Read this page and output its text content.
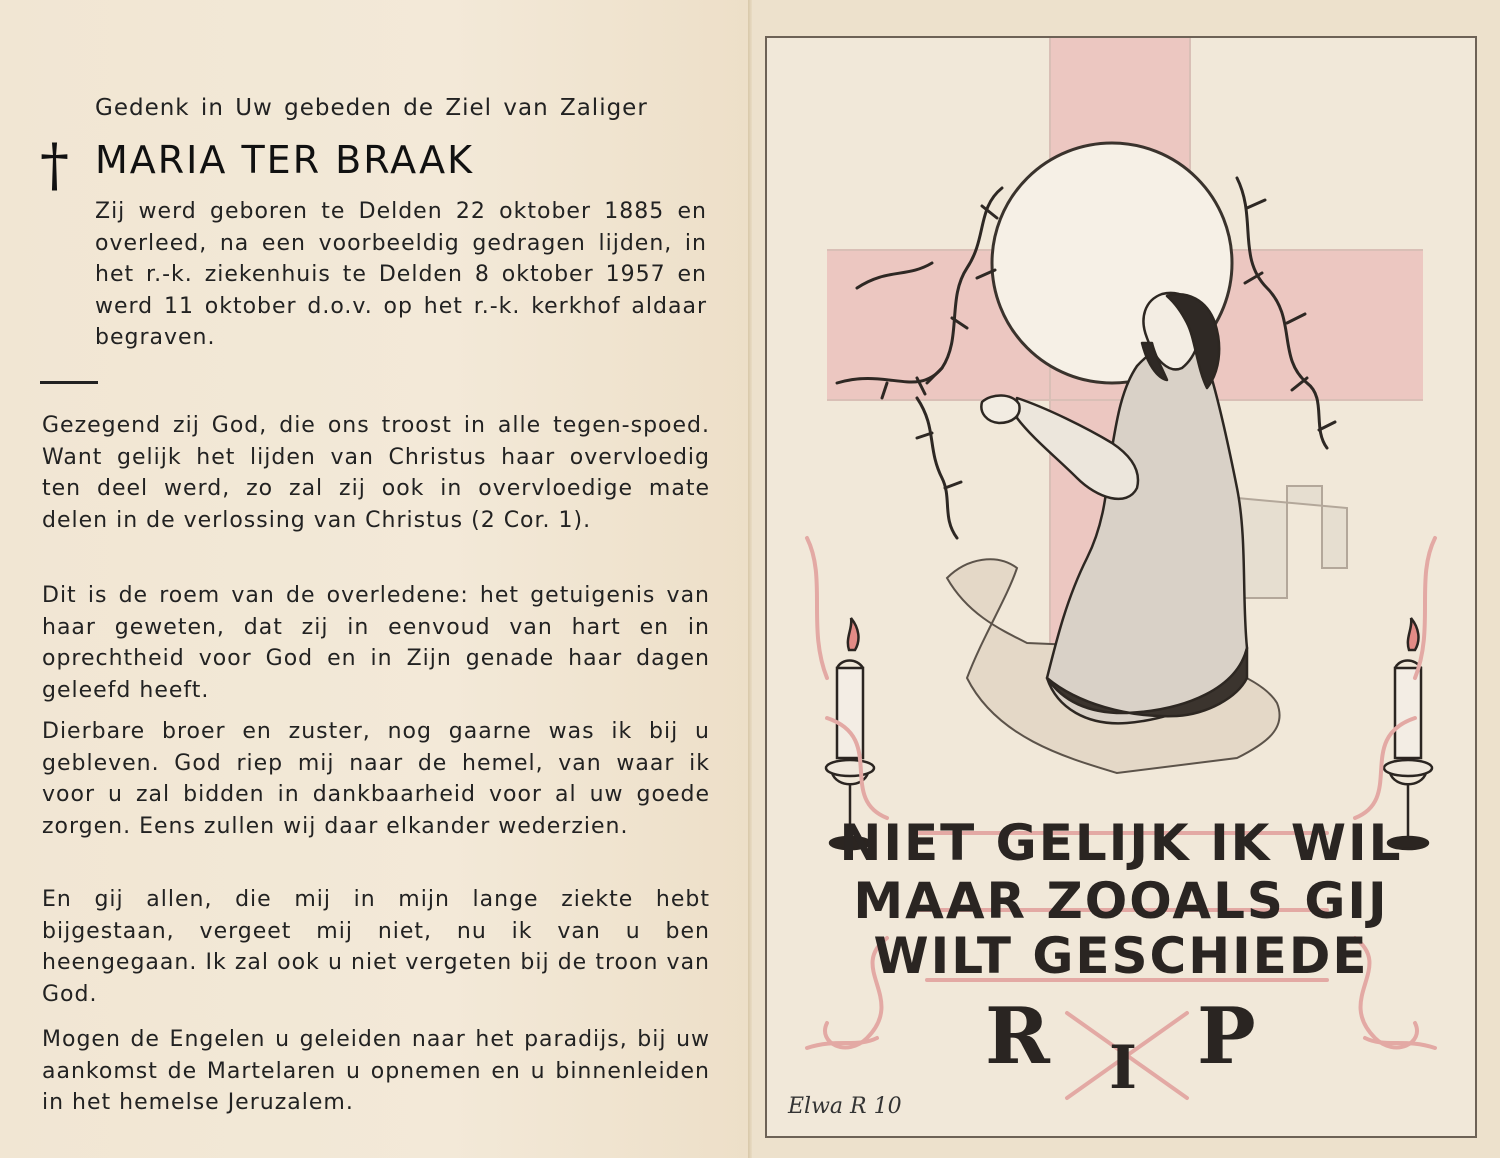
Gedenk in Uw gebeden de Ziel van Zaliger
† MARIA TER BRAAK

Zij werd geboren te Delden 22 oktober 1885 en overleed, na een voorbeeldig gedragen lijden, in het r.-k. ziekenhuis te Delden 8 oktober 1957 en werd 11 oktober d.o.v. op het r.-k. kerkhof aldaar begraven.

Gezegend zij God, die ons troost in alle tegen-spoed. Want gelijk het lijden van Christus haar overvloedig ten deel werd, zo zal zij ook in overvloedige mate delen in de verlossing van Christus (2 Cor. 1).

Dit is de roem van de overledene: het getuigenis van haar geweten, dat zij in eenvoud van hart en in oprechtheid voor God en in Zijn genade haar dagen geleefd heeft.

Dierbare broer en zuster, nog gaarne was ik bij u gebleven. God riep mij naar de hemel, van waar ik voor u zal bidden in dankbaarheid voor al uw goede zorgen. Eens zullen wij daar elkander wederzien.

En gij allen, die mij in mijn lange ziekte hebt bijgestaan, vergeet mij niet, nu ik van u ben heengegaan. Ik zal ook u niet vergeten bij de troon van God.

Mogen de Engelen u geleiden naar het paradijs, bij uw aankomst de Martelaren u opnemen en u binnenleiden in het hemelse Jeruzalem.

NIET GELIJK IK WIL
MAAR ZOOALS GIJ
WILT GESCHIEDE
R I P
Elwa R 10
